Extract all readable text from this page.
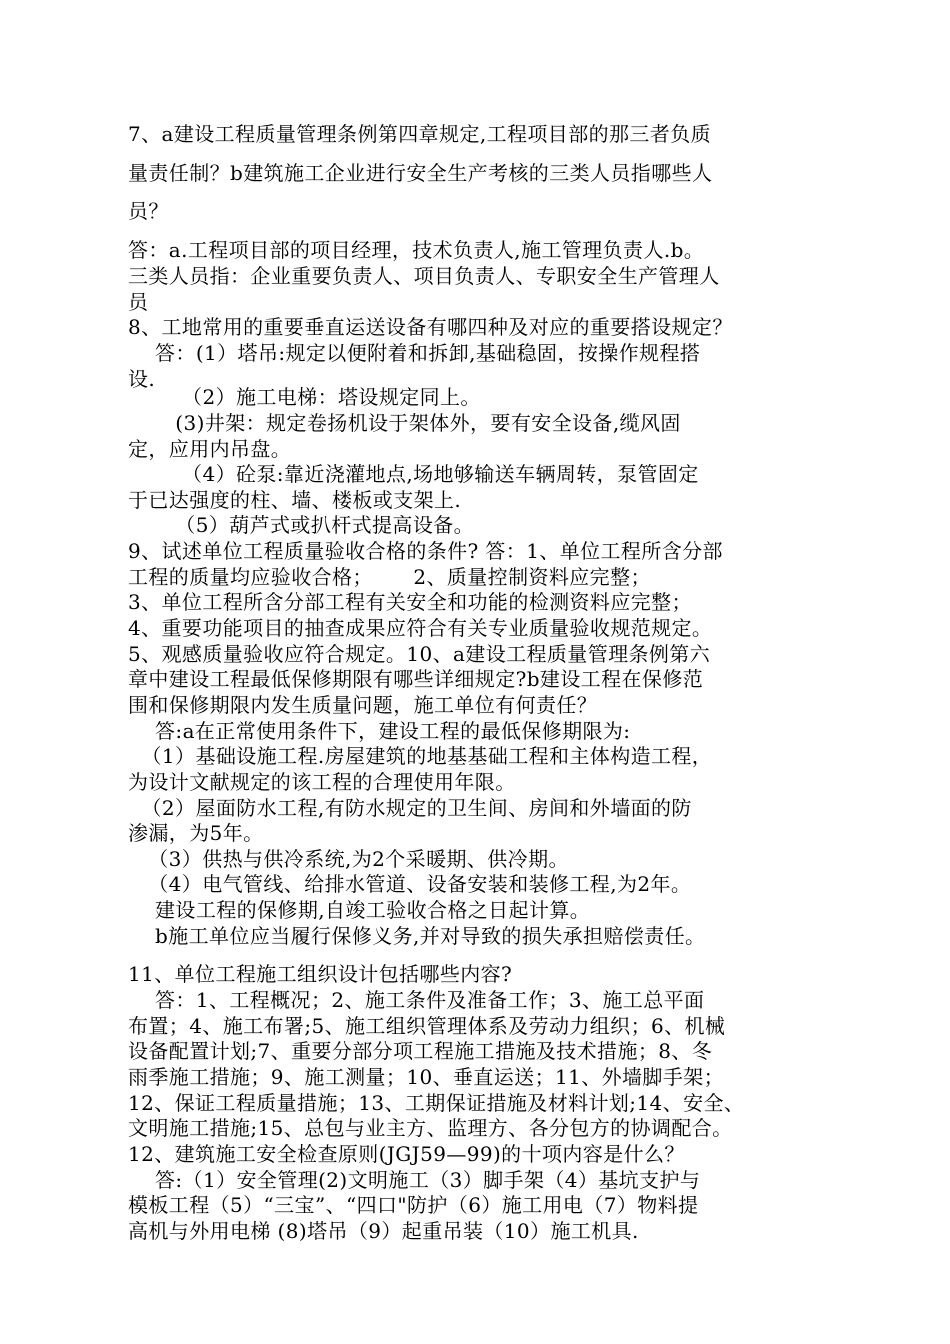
7、a建设工程质量管理条例第四章规定,工程项目部的那三者负质
量责任制？b建筑施工企业进行安全生产考核的三类人员指哪些人
员？
答：a.工程项目部的项目经理，技术负责人,施工管理负责人.b。
三类人员指：企业重要负责人、项目负责人、专职安全生产管理人
员
8、工地常用的重要垂直运送设备有哪四种及对应的重要搭设规定？
答：(1）塔吊:规定以便附着和拆卸,基础稳固，按操作规程搭
设.
（2）施工电梯：塔设规定同上。
(3)井架：规定卷扬机设于架体外，要有安全设备,缆风固
定，应用内吊盘。
（4）砼泵:靠近浇灌地点,场地够输送车辆周转，泵管固定
于已达强度的柱、墙、楼板或支架上.
（5）葫芦式或扒杆式提高设备。
9、试述单位工程质量验收合格的条件? 答：1、单位工程所含分部
工程的质量均应验收合格；      2、质量控制资料应完整；
3、单位工程所含分部工程有关安全和功能的检测资料应完整；
4、重要功能项目的抽查成果应符合有关专业质量验收规范规定。
5、观感质量验收应符合规定。10、a建设工程质量管理条例第六
章中建设工程最低保修期限有哪些详细规定?b建设工程在保修范
围和保修期限内发生质量问题，施工单位有何责任？
答:a在正常使用条件下，建设工程的最低保修期限为:
（1）基础设施工程.房屋建筑的地基基础工程和主体构造工程，
为设计文献规定的该工程的合理使用年限。
（2）屋面防水工程,有防水规定的卫生间、房间和外墙面的防
渗漏，为5年。
（3）供热与供冷系统,为2个采暖期、供冷期。
（4）电气管线、给排水管道、设备安装和装修工程,为2年。
建设工程的保修期,自竣工验收合格之日起计算。
b施工单位应当履行保修义务,并对导致的损失承担赔偿责任。
11、单位工程施工组织设计包括哪些内容?
答：1、工程概况；2、施工条件及准备工作；3、施工总平面
布置；4、施工布署;5、施工组织管理体系及劳动力组织；6、机械
设备配置计划;7、重要分部分项工程施工措施及技术措施；8、冬
雨季施工措施；9、施工测量；10、垂直运送；11、外墙脚手架；
12、保证工程质量措施；13、工期保证措施及材料计划;14、安全、
文明施工措施;15、总包与业主方、监理方、各分包方的协调配合。
12、建筑施工安全检查原则(JGJ59—99)的十项内容是什么？
答:（1）安全管理(2)文明施工（3）脚手架（4）基坑支护与
模板工程（5）“三宝”、“四口"防护（6）施工用电（7）物料提
高机与外用电梯 (8)塔吊（9）起重吊装（10）施工机具.
